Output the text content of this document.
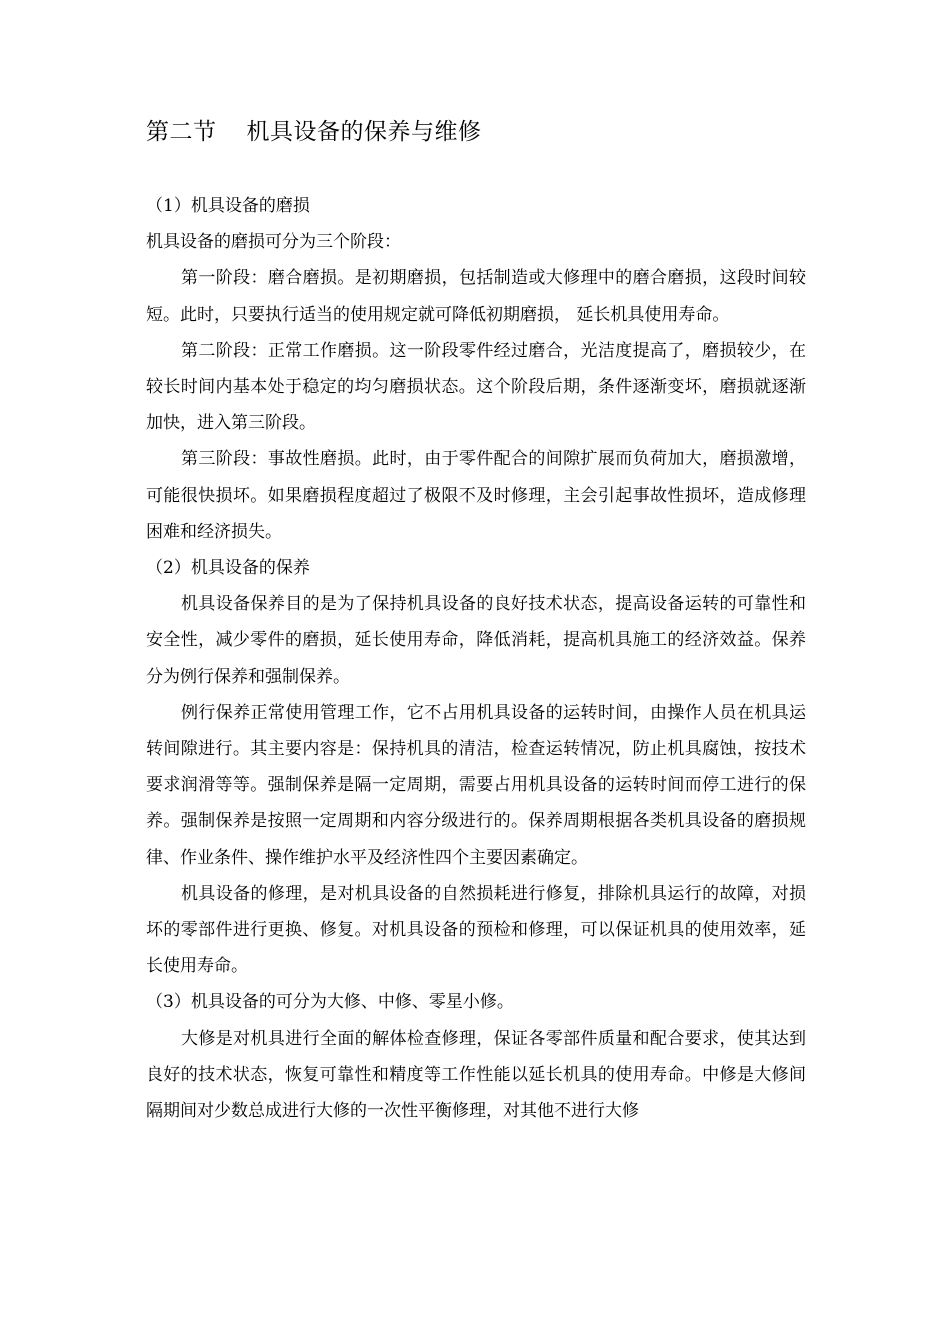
第二节 机具设备的保养与维修

（1）机具设备的磨损

机具设备的磨损可分为三个阶段：

第一阶段：磨合磨损。是初期磨损，包括制造或大修理中的磨合磨损，这段时间较短。此时，只要执行适当的使用规定就可降低初期磨损， 延长机具使用寿命。

第二阶段：正常工作磨损。这一阶段零件经过磨合，光洁度提高了，磨损较少，在较长时间内基本处于稳定的均匀磨损状态。这个阶段后期，条件逐渐变坏，磨损就逐渐加快，进入第三阶段。

第三阶段：事故性磨损。此时，由于零件配合的间隙扩展而负荷加大，磨损激增， 可能很快损坏。如果磨损程度超过了极限不及时修理，主会引起事故性损坏，造成修理困难和经济损失。

（2）机具设备的保养

机具设备保养目的是为了保持机具设备的良好技术状态，提高设备运转的可靠性和安全性，减少零件的磨损，延长使用寿命，降低消耗，提高机具施工的经济效益。保养分为例行保养和强制保养。

例行保养正常使用管理工作，它不占用机具设备的运转时间，由操作人员在机具运转间隙进行。其主要内容是：保持机具的清洁，检查运转情况，防止机具腐蚀，按技术要求润滑等等。强制保养是隔一定周期，需要占用机具设备的运转时间而停工进行的保养。强制保养是按照一定周期和内容分级进行的。保养周期根据各类机具设备的磨损规律、作业条件、操作维护水平及经济性四个主要因素确定。

机具设备的修理，是对机具设备的自然损耗进行修复，排除机具运行的故障，对损坏的零部件进行更换、修复。对机具设备的预检和修理，可以保证机具的使用效率，延长使用寿命。

（3）机具设备的可分为大修、中修、零星小修。

大修是对机具进行全面的解体检查修理，保证各零部件质量和配合要求，使其达到良好的技术状态，恢复可靠性和精度等工作性能以延长机具的使用寿命。中修是大修间隔期间对少数总成进行大修的一次性平衡修理，对其他不进行大修
